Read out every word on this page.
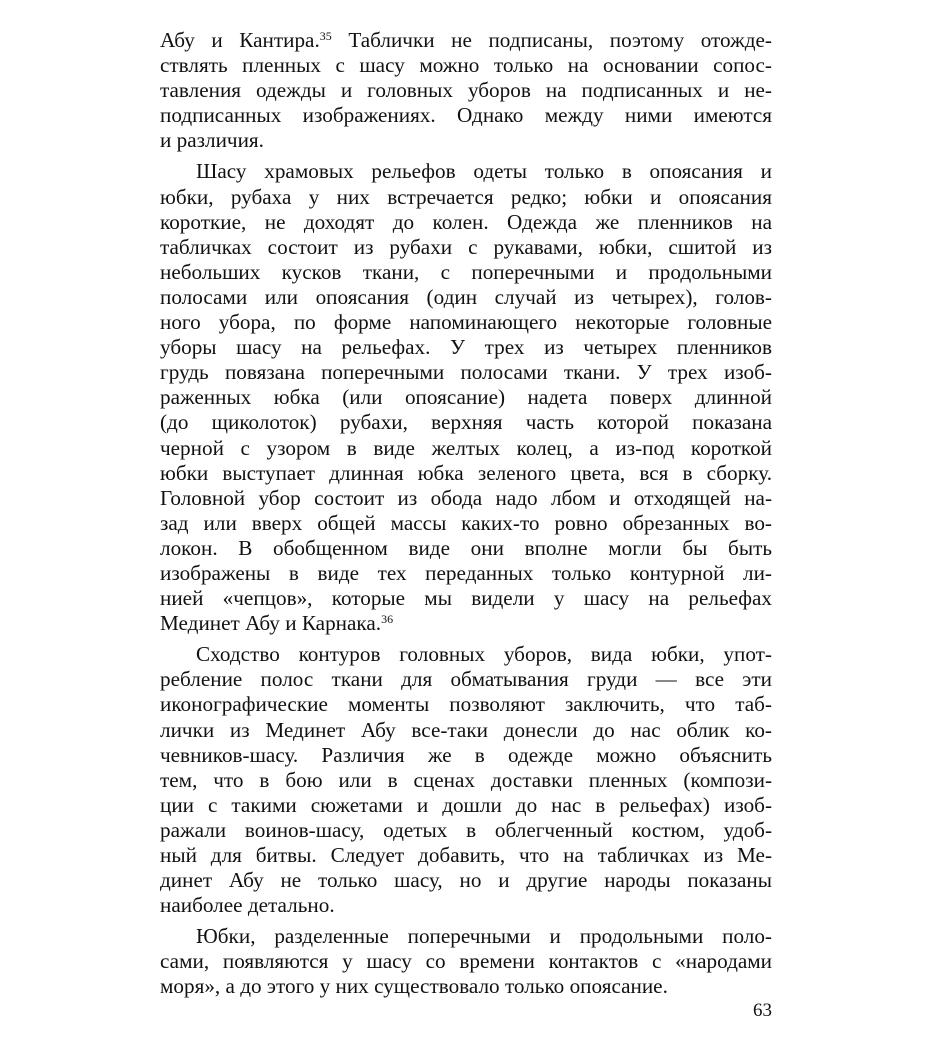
Абу и Кантира.$^{35}$ Таблички не подписаны, поэтому отожде-
ствлять пленных с шасу можно только на основании сопос-
тавления одежды и головных уборов на подписанных и не-
подписанных изображениях. Однако между ними имеются
и различия.

Шасу храмовых рельефов одеты только в опоясания и
юбки, рубаха у них встречается редко; юбки и опоясания
короткие, не доходят до колен. Одежда же пленников на
табличках состоит из рубахи с рукавами, юбки, сшитой из
небольших кусков ткани, с поперечными и продольными
полосами или опоясания (один случай из четырех), голов-
ного убора, по форме напоминающего некоторые головные
уборы шасу на рельефах. У трех из четырех пленников
грудь повязана поперечными полосами ткани. У трех изоб-
раженных юбка (или опоясание) надета поверх длинной
(до щиколоток) рубахи, верхняя часть которой показана
черной с узором в виде желтых колец, а из-под короткой
юбки выступает длинная юбка зеленого цвета, вся в сборку.
Головной убор состоит из обода надо лбом и отходящей на-
зад или вверх общей массы каких-то ровно обрезанных во-
локон. В обобщенном виде они вполне могли бы быть
изображены в виде тех переданных только контурной ли-
нией «чепцов», которые мы видели у шасу на рельефах
Мединет Абу и Карнака.$^{36}$

Сходство контуров головных уборов, вида юбки, упот-
ребление полос ткани для обматывания груди — все эти
иконографические моменты позволяют заключить, что таб-
лички из Мединет Абу все-таки донесли до нас облик ко-
чевников-шасу. Различия же в одежде можно объяснить
тем, что в бою или в сценах доставки пленных (компози-
ции с такими сюжетами и дошли до нас в рельефах) изоб-
ражали воинов-шасу, одетых в облегченный костюм, удоб-
ный для битвы. Следует добавить, что на табличках из Ме-
динет Абу не только шасу, но и другие народы показаны
наиболее детально.

Юбки, разделенные поперечными и продольными поло-
сами, появляются у шасу со времени контактов с «народами
моря», а до этого у них существовало только опоясание.

63
